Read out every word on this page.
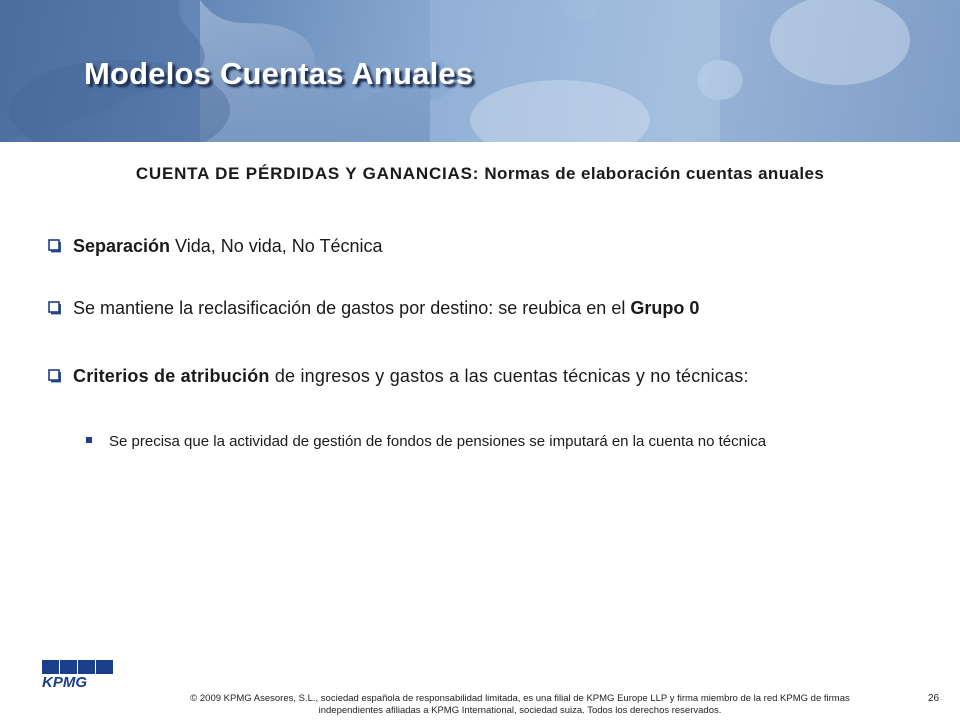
Modelos Cuentas Anuales
CUENTA DE PÉRDIDAS Y GANANCIAS: Normas de elaboración cuentas anuales
Separación Vida, No vida, No Técnica
Se mantiene la reclasificación de gastos por destino: se reubica en el Grupo 0
Criterios de atribución de ingresos y gastos a las cuentas técnicas y no técnicas:
Se precisa que la actividad de gestión de fondos de pensiones se imputará en la cuenta no técnica
KPMG
© 2009 KPMG Asesores, S.L., sociedad española de responsabilidad limitada, es una filial de KPMG Europe LLP y firma miembro de la red KPMG de firmas
independientes afiliadas a KPMG International, sociedad suiza. Todos los derechos reservados.
26
